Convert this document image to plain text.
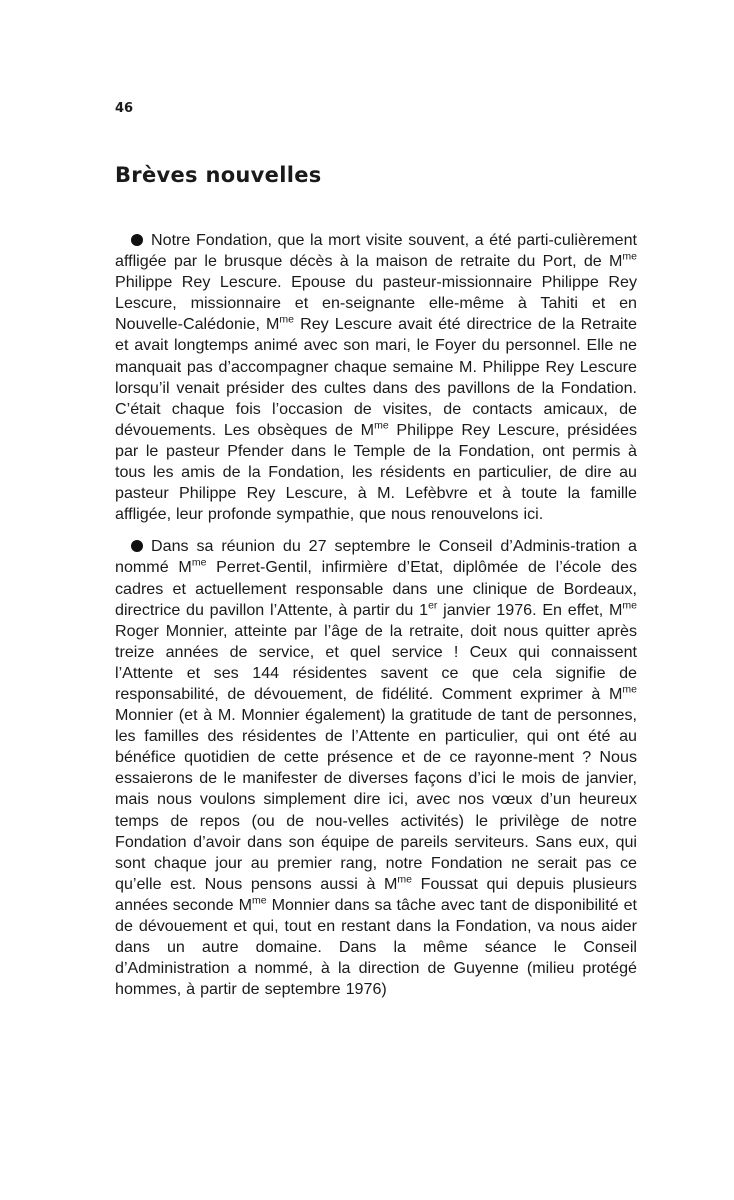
46
Brèves nouvelles

Notre Fondation, que la mort visite souvent, a été parti-culièrement affligée par le brusque décès à la maison de retraite du Port, de $M^{me}$ Philippe Rey Lescure. Epouse du pasteur-missionnaire Philippe Rey Lescure, missionnaire et en-seignante elle-même à Tahiti et en Nouvelle-Calédonie, $M^{me}$ Rey Lescure avait été directrice de la Retraite et avait longtemps animé avec son mari, le Foyer du personnel. Elle ne manquait pas d’accompagner chaque semaine M. Philippe Rey Lescure lorsqu’il venait présider des cultes dans des pavillons de la Fondation. C’était chaque fois l’occasion de visites, de contacts amicaux, de dévouements. Les obsèques de $M^{me}$ Philippe Rey Lescure, présidées par le pasteur Pfender dans le Temple de la Fondation, ont permis à tous les amis de la Fondation, les résidents en particulier, de dire au pasteur Philippe Rey Lescure, à M. Lefèbvre et à toute la famille affligée, leur profonde sympathie, que nous renouvelons ici.

Dans sa réunion du 27 septembre le Conseil d’Adminis-tration a nommé $M^{me}$ Perret-Gentil, infirmière d’Etat, diplômée de l’école des cadres et actuellement responsable dans une clinique de Bordeaux, directrice du pavillon l’Attente, à partir du 1er janvier 1976. En effet, $M^{me}$ Roger Monnier, atteinte par l’âge de la retraite, doit nous quitter après treize années de service, et quel service ! Ceux qui connaissent l’Attente et ses 144 résidentes savent ce que cela signifie de responsabilité, de dévouement, de fidélité. Comment exprimer à $M^{me}$ Monnier (et à M. Monnier également) la gratitude de tant de personnes, les familles des résidentes de l’Attente en particulier, qui ont été au bénéfice quotidien de cette présence et de ce rayonne-ment ? Nous essaierons de le manifester de diverses façons d’ici le mois de janvier, mais nous voulons simplement dire ici, avec nos vœux d’un heureux temps de repos (ou de nou-velles activités) le privilège de notre Fondation d’avoir dans son équipe de pareils serviteurs. Sans eux, qui sont chaque jour au premier rang, notre Fondation ne serait pas ce qu’elle est. Nous pensons aussi à $M^{me}$ Foussat qui depuis plusieurs années seconde $M^{me}$ Monnier dans sa tâche avec tant de disponibilité et de dévouement et qui, tout en restant dans la Fondation, va nous aider dans un autre domaine. Dans la même séance le Conseil d’Administration a nommé, à la direction de Guyenne (milieu protégé hommes, à partir de septembre 1976)
